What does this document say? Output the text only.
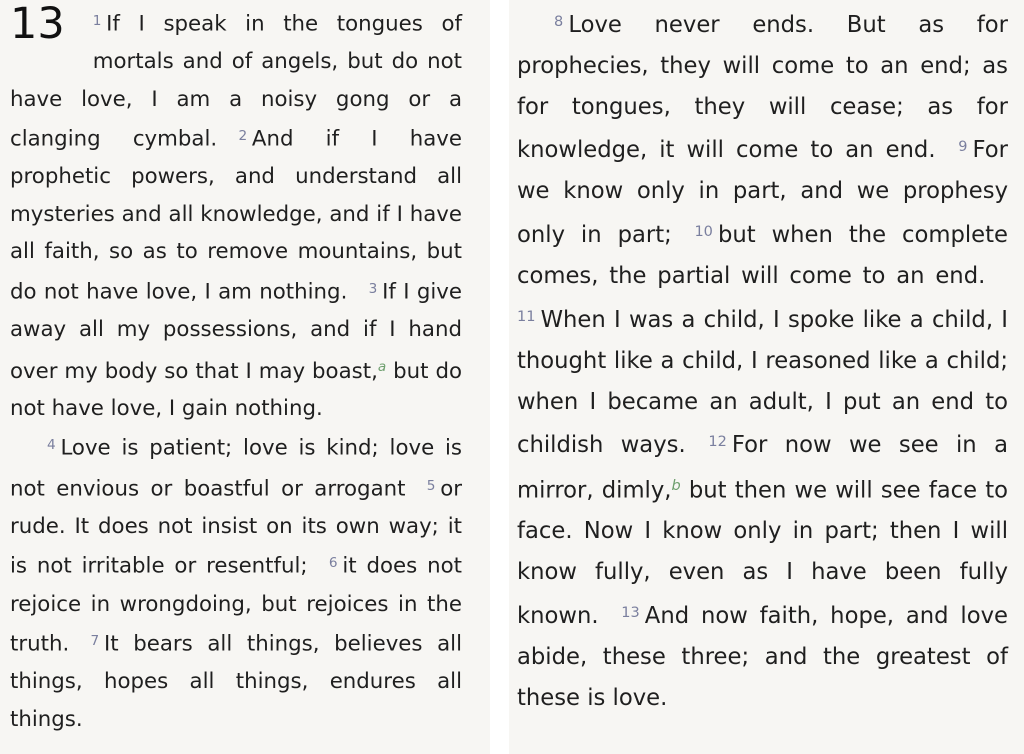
13 $^1$ If I speak in the tongues of mortals and of angels, but do not have love, I am a noisy gong or a clanging cymbal.  $^2$ And if I have prophetic powers, and understand all mysteries and all knowledge, and if I have all faith, so as to remove mountains, but do not have love, I am nothing.  $^3$ If I give away all my possessions, and if I hand over my body so that I may boast,$^a$ but do not have love, I gain nothing.

$^4$ Love is patient; love is kind; love is not envious or boastful or arrogant  $^5$ or rude. It does not insist on its own way; it is not irritable or resentful;  $^6$ it does not rejoice in wrongdoing, but rejoices in the truth.  $^7$ It bears all things, believes all things, hopes all things, endures all things.

$^8$ Love never ends. But as for prophecies, they will come to an end; as for tongues, they will cease; as for knowledge, it will come to an end.  $^9$ For we know only in part, and we prophesy only in part;  $^{10}$ but when the complete comes, the partial will come to an end. $^{11}$ When I was a child, I spoke like a child, I thought like a child, I reasoned like a child; when I became an adult, I put an end to childish ways.  $^{12}$ For now we see in a mirror, dimly,$^b$ but then we will see face to face. Now I know only in part; then I will know fully, even as I have been fully known.  $^{13}$ And now faith, hope, and love abide, these three; and the greatest of these is love.
